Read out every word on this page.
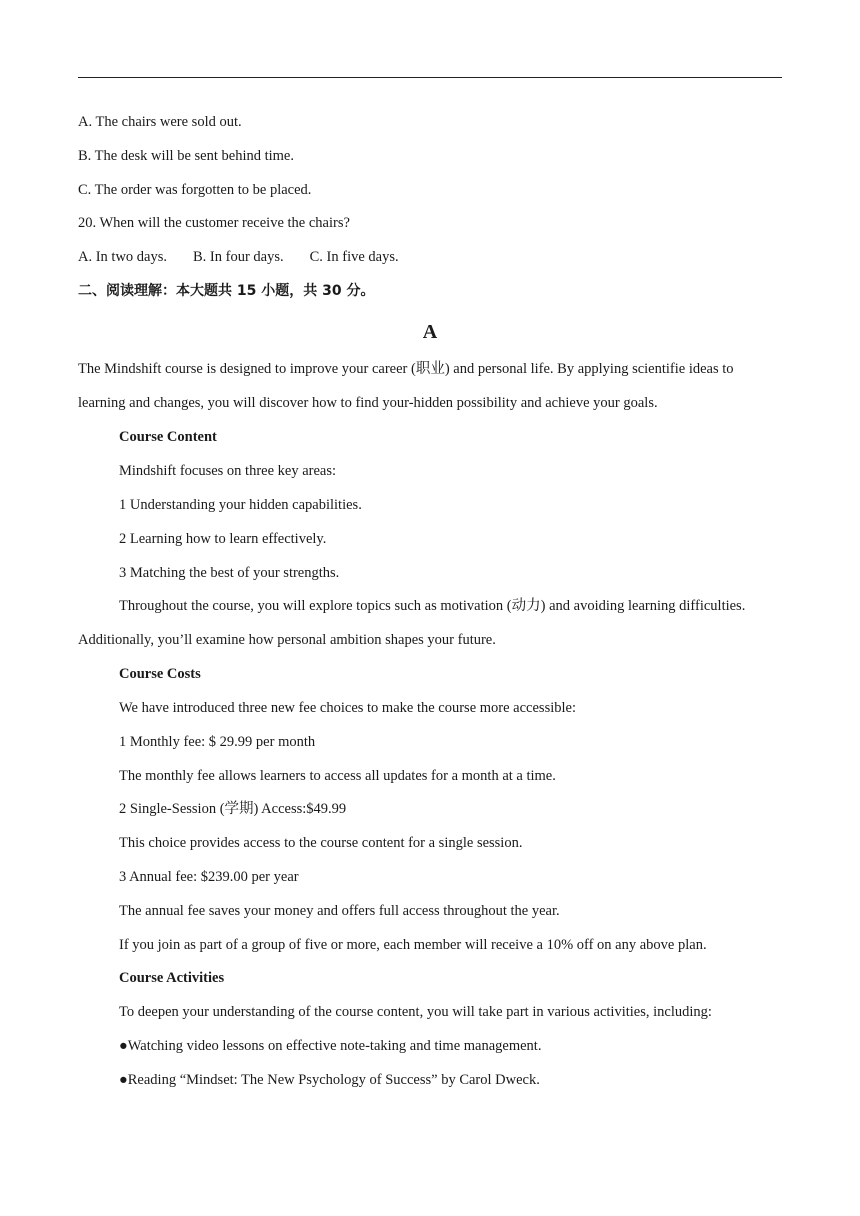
A. The chairs were sold out.
B. The desk will be sent behind time.
C. The order was forgotten to be placed.
20. When will the customer receive the chairs?
A. In two days. B. In four days. C. In five days.
二、阅读理解：本大题共 15 小题，共 30 分。
A
The Mindshift course is designed to improve your career (职业) and personal life. By applying scientifie ideas to
learning and changes, you will discover how to find your-hidden possibility and achieve your goals.
Course Content
Mindshift focuses on three key areas:
1 Understanding your hidden capabilities.
2 Learning how to learn effectively.
3 Matching the best of your strengths.
Throughout the course, you will explore topics such as motivation (动力) and avoiding learning difficulties.
Additionally, you’ll examine how personal ambition shapes your future.
Course Costs
We have introduced three new fee choices to make the course more accessible:
1 Monthly fee: $ 29.99 per month
The monthly fee allows learners to access all updates for a month at a time.
2 Single-Session (学期) Access:$49.99
This choice provides access to the course content for a single session.
3 Annual fee: $239.00 per year
The annual fee saves your money and offers full access throughout the year.
If you join as part of a group of five or more, each member will receive a 10% off on any above plan.
Course Activities
To deepen your understanding of the course content, you will take part in various activities, including:
●Watching video lessons on effective note-taking and time management.
●Reading “Mindset: The New Psychology of Success” by Carol Dweck.
